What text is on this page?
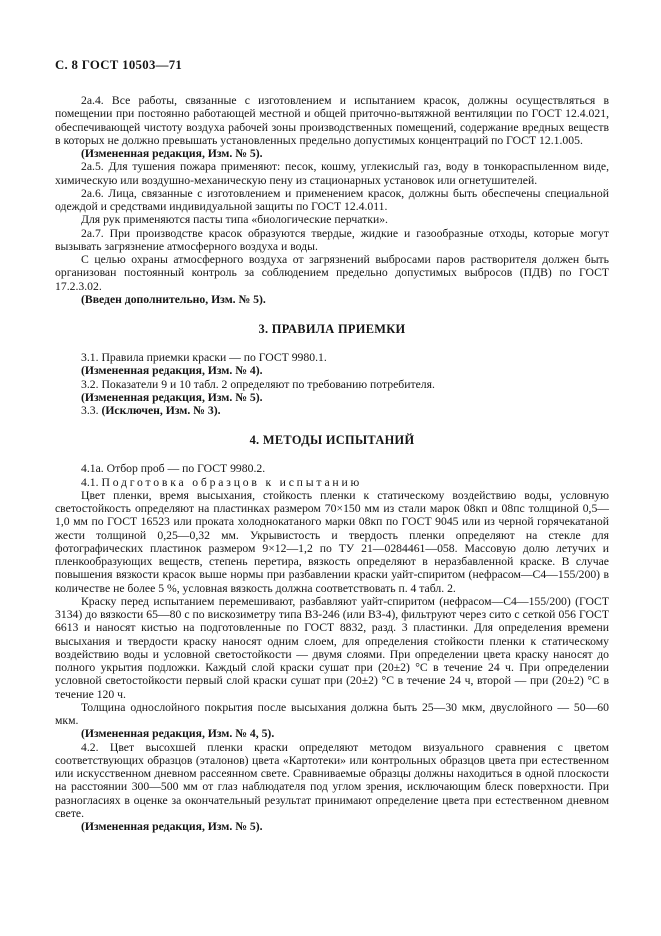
С. 8 ГОСТ 10503—71

2а.4. Все работы, связанные с изготовлением и испытанием красок, должны осуществляться в помещении при постоянно работающей местной и общей приточно-вытяжной вентиляции по ГОСТ 12.4.021, обеспечивающей чистоту воздуха рабочей зоны производственных помещений, содержание вредных веществ в которых не должно превышать установленных предельно допустимых концентраций по ГОСТ 12.1.005.

(Измененная редакция, Изм. № 5).

2а.5. Для тушения пожара применяют: песок, кошму, углекислый газ, воду в тонкораспыленном виде, химическую или воздушно-механическую пену из стационарных установок или огнетушителей.

2а.6. Лица, связанные с изготовлением и применением красок, должны быть обеспечены специальной одеждой и средствами индивидуальной защиты по ГОСТ 12.4.011.

Для рук применяются пасты типа «биологические перчатки».

2а.7. При производстве красок образуются твердые, жидкие и газообразные отходы, которые могут вызывать загрязнение атмосферного воздуха и воды.

С целью охраны атмосферного воздуха от загрязнений выбросами паров растворителя должен быть организован постоянный контроль за соблюдением предельно допустимых выбросов (ПДВ) по ГОСТ 17.2.3.02.

(Введен дополнительно, Изм. № 5).

3. ПРАВИЛА ПРИЕМКИ

3.1. Правила приемки краски — по ГОСТ 9980.1.

(Измененная редакция, Изм. № 4).

3.2. Показатели 9 и 10 табл. 2 определяют по требованию потребителя.

(Измененная редакция, Изм. № 5).

3.3. (Исключен, Изм. № 3).

4. МЕТОДЫ ИСПЫТАНИЙ

4.1а. Отбор проб — по ГОСТ 9980.2.

4.1. Подготовка образцов к испытанию

Цвет пленки, время высыхания, стойкость пленки к статическому воздействию воды, условную светостойкость определяют на пластинках размером 70×150 мм из стали марок 08кп и 08пс толщиной 0,5—1,0 мм по ГОСТ 16523 или проката холоднокатаного марки 08кп по ГОСТ 9045 или из черной горячекатаной жести толщиной 0,25—0,32 мм. Укрывистость и твердость пленки определяют на стекле для фотографических пластинок размером 9×12—1,2 по ТУ 21—0284461—058. Массовую долю летучих и пленкообразующих веществ, степень перетира, вязкость определяют в неразбавленной краске. В случае повышения вязкости красок выше нормы при разбавлении краски уайт-спиритом (нефрасом—С4—155/200) в количестве не более 5 %, условная вязкость должна соответствовать п. 4 табл. 2.

Краску перед испытанием перемешивают, разбавляют уайт-спиритом (нефрасом—С4—155/200) (ГОСТ 3134) до вязкости 65—80 с по вискозиметру типа ВЗ-246 (или ВЗ-4), фильтруют через сито с сеткой 056 ГОСТ 6613 и наносят кистью на подготовленные по ГОСТ 8832, разд. 3 пластинки. Для определения времени высыхания и твердости краску наносят одним слоем, для определения стойкости пленки к статическому воздействию воды и условной светостойкости — двумя слоями. При определении цвета краску наносят до полного укрытия подложки. Каждый слой краски сушат при (20±2) °С в течение 24 ч. При определении условной светостойкости первый слой краски сушат при (20±2) °С в течение 24 ч, второй — при (20±2) °С в течение 120 ч.

Толщина однослойного покрытия после высыхания должна быть 25—30 мкм, двуслойного — 50—60 мкм.

(Измененная редакция, Изм. № 4, 5).

4.2. Цвет высохшей пленки краски определяют методом визуального сравнения с цветом соответствующих образцов (эталонов) цвета «Картотеки» или контрольных образцов цвета при естественном или искусственном дневном рассеянном свете. Сравниваемые образцы должны находиться в одной плоскости на расстоянии 300—500 мм от глаз наблюдателя под углом зрения, исключающим блеск поверхности. При разногласиях в оценке за окончательный результат принимают определение цвета при естественном дневном свете.

(Измененная редакция, Изм. № 5).
